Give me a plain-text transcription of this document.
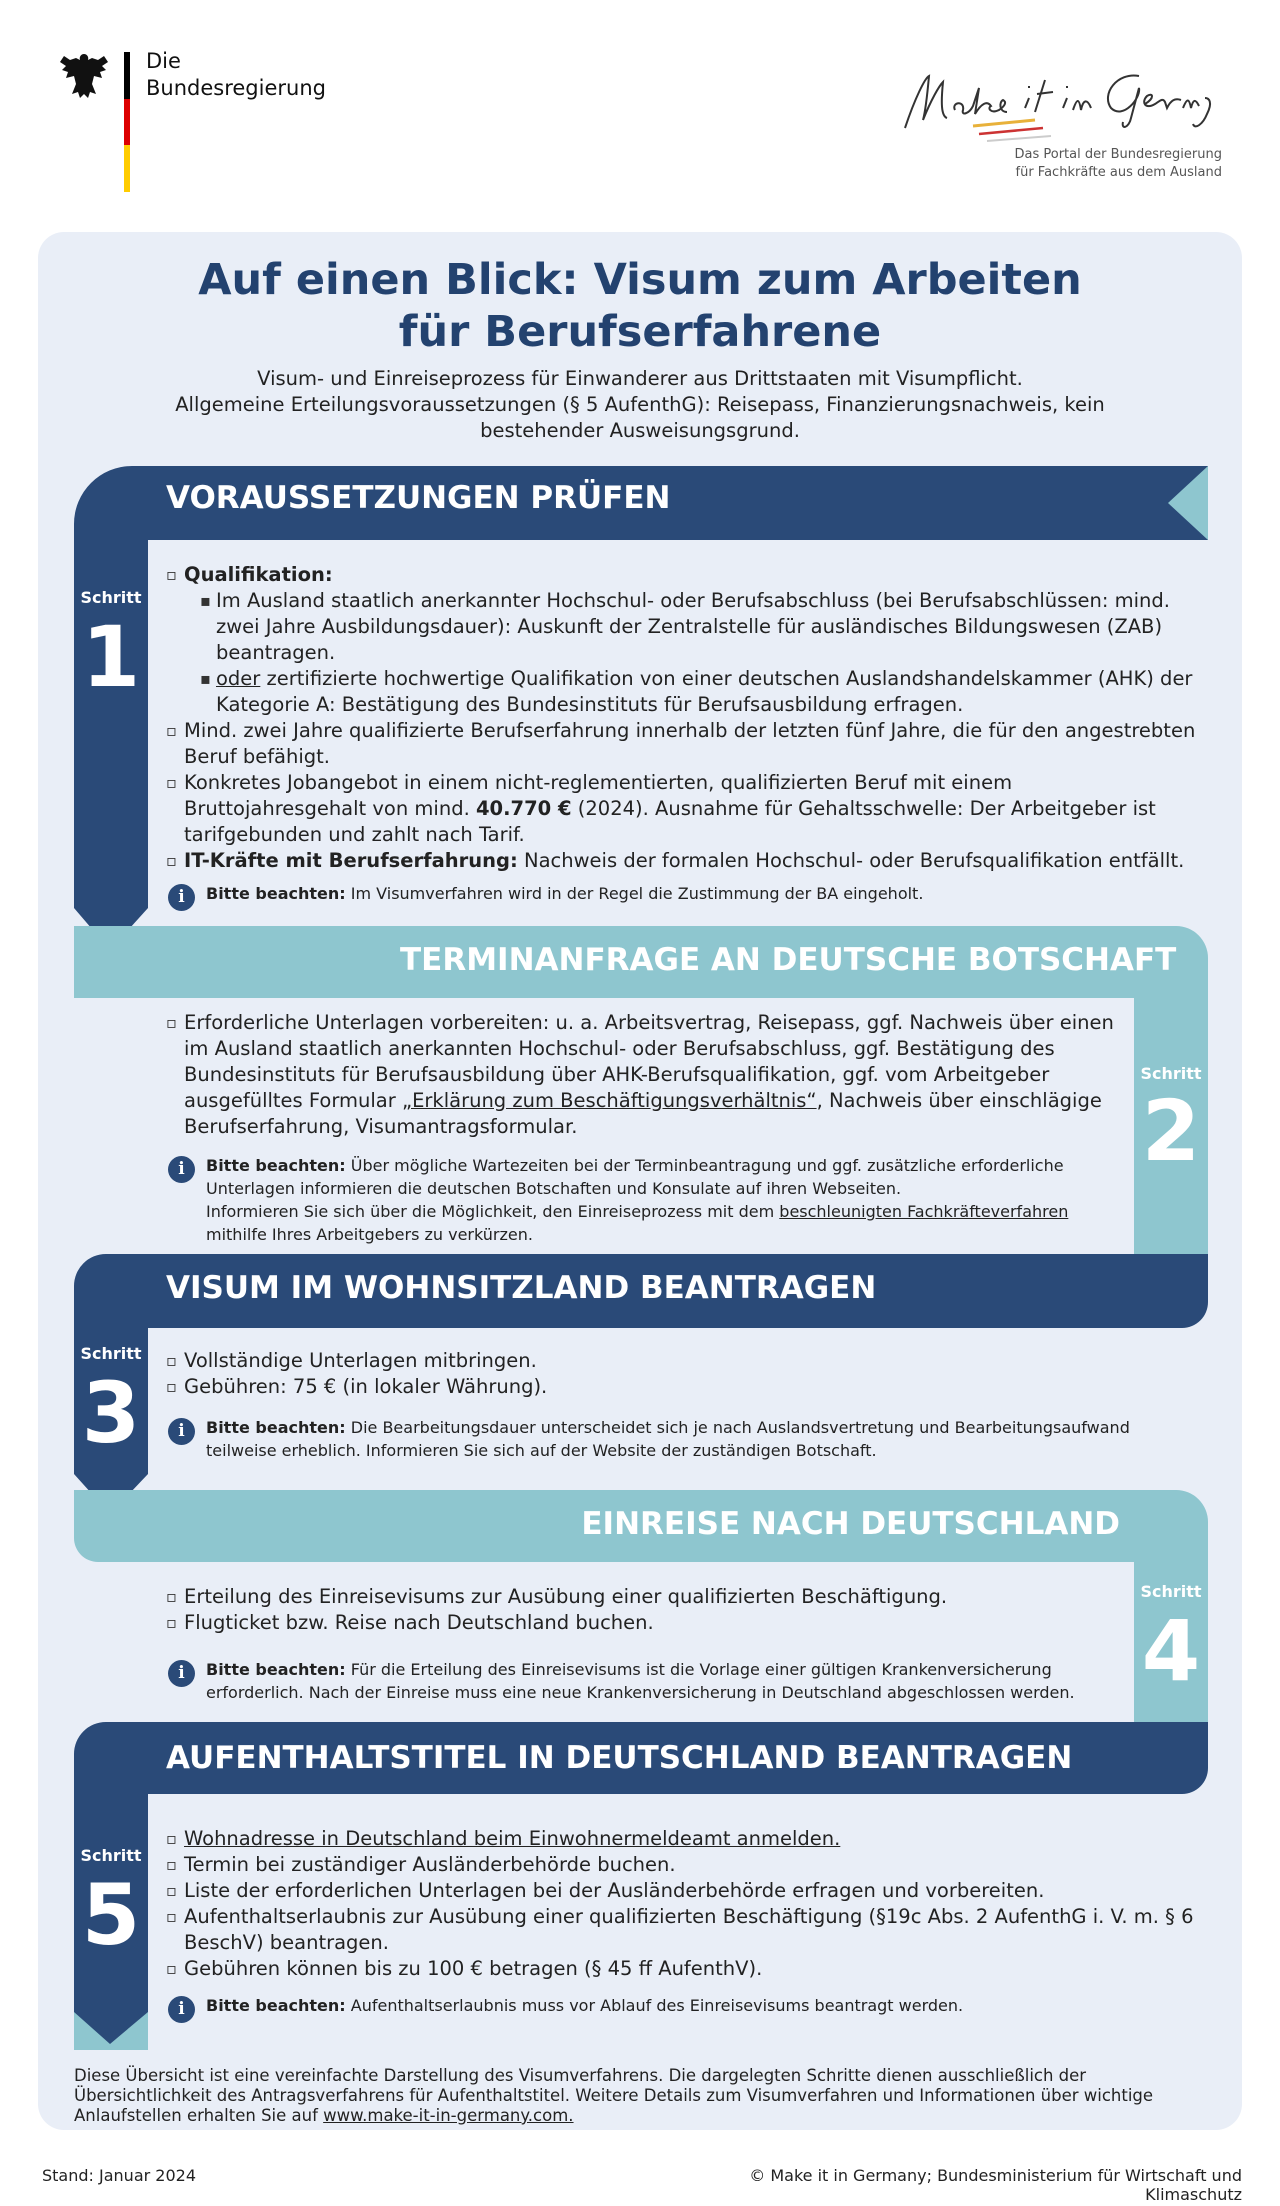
Die
Bundesregierung
Das Portal der Bundesregierung
für Fachkräfte aus dem Ausland
Auf einen Blick: Visum zum Arbeiten
für Berufserfahrene
Visum- und Einreiseprozess für Einwanderer aus Drittstaaten mit Visumpflicht.
Allgemeine Erteilungsvoraussetzungen (§ 5 AufenthG): Reisepass, Finanzierungsnachweis, kein bestehender Ausweisungsgrund.
VORAUSSETZUNGEN PRÜFEN
Schritt
1

▫ Qualifikation:

▪ Im Ausland staatlich anerkannter Hochschul- oder Berufsabschluss (bei Berufsabschlüssen: mind. zwei Jahre Ausbildungsdauer): Auskunft der Zentralstelle für ausländisches Bildungswesen (ZAB) beantragen.

▪ oder zertifizierte hochwertige Qualifikation von einer deutschen Auslandshandelskammer (AHK) der Kategorie A: Bestätigung des Bundesinstituts für Berufsausbildung erfragen.

▫ Mind. zwei Jahre qualifizierte Berufserfahrung innerhalb der letzten fünf Jahre, die für den angestrebten Beruf befähigt.

▫ Konkretes Jobangebot in einem nicht-reglementierten, qualifizierten Beruf mit einem Bruttojahresgehalt von mind. 40.770 € (2024). Ausnahme für Gehaltsschwelle: Der Arbeitgeber ist tarifgebunden und zahlt nach Tarif.

▫ IT-Kräfte mit Berufserfahrung: Nachweis der formalen Hochschul- oder Berufsqualifikation entfällt.

i	Bitte beachten: Im Visumverfahren wird in der Regel die Zustimmung der BA eingeholt.
TERMINANFRAGE AN DEUTSCHE BOTSCHAFT
Schritt
2

▫ Erforderliche Unterlagen vorbereiten: u. a. Arbeitsvertrag, Reisepass, ggf. Nachweis über einen im Ausland staatlich anerkannten Hochschul- oder Berufsabschluss, ggf. Bestätigung des Bundesinstituts für Berufsausbildung über AHK-Berufsqualifikation, ggf. vom Arbeitgeber ausgefülltes Formular „Erklärung zum Beschäftigungsverhältnis“, Nachweis über einschlägige Berufserfahrung, Visumantragsformular.

i	Bitte beachten: Über mögliche Wartezeiten bei der Terminbeantragung und ggf. zusätzliche erforderliche Unterlagen informieren die deutschen Botschaften und Konsulate auf ihren Webseiten.
Informieren Sie sich über die Möglichkeit, den Einreiseprozess mit dem beschleunigten Fachkräfteverfahren mithilfe Ihres Arbeitgebers zu verkürzen.
VISUM IM WOHNSITZLAND BEANTRAGEN
Schritt
3

▫ Vollständige Unterlagen mitbringen.

▫ Gebühren: 75 € (in lokaler Währung).

i	Bitte beachten: Die Bearbeitungsdauer unterscheidet sich je nach Auslandsvertretung und Bearbeitungsaufwand teilweise erheblich. Informieren Sie sich auf der Website der zuständigen Botschaft.
EINREISE NACH DEUTSCHLAND
Schritt
4

▫ Erteilung des Einreisevisums zur Ausübung einer qualifizierten Beschäftigung.

▫ Flugticket bzw. Reise nach Deutschland buchen.

i	Bitte beachten: Für die Erteilung des Einreisevisums ist die Vorlage einer gültigen Krankenversicherung erforderlich. Nach der Einreise muss eine neue Krankenversicherung in Deutschland abgeschlossen werden.
AUFENTHALTSTITEL IN DEUTSCHLAND BEANTRAGEN
Schritt
5

▫ Wohnadresse in Deutschland beim Einwohnermeldeamt anmelden.

▫ Termin bei zuständiger Ausländerbehörde buchen.

▫ Liste der erforderlichen Unterlagen bei der Ausländerbehörde erfragen und vorbereiten.

▫ Aufenthaltserlaubnis zur Ausübung einer qualifizierten Beschäftigung (§19c Abs. 2 AufenthG i. V. m. § 6 BeschV) beantragen.

▫ Gebühren können bis zu 100 € betragen (§ 45 ff AufenthV).

i	Bitte beachten: Aufenthaltserlaubnis muss vor Ablauf des Einreisevisums beantragt werden.
Diese Übersicht ist eine vereinfachte Darstellung des Visumverfahrens. Die dargelegten Schritte dienen ausschließlich der Übersichtlichkeit des Antragsverfahrens für Aufenthaltstitel. Weitere Details zum Visumverfahren und Informationen über wichtige Anlaufstellen erhalten Sie auf www.make-it-in-germany.com.
Stand: Januar 2024	© Make it in Germany; Bundesministerium für Wirtschaft und Klimaschutz
